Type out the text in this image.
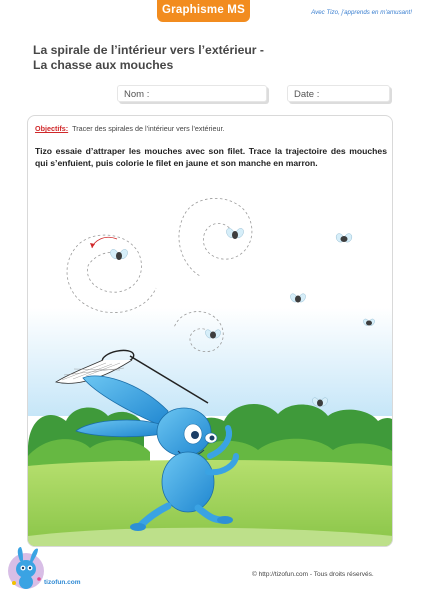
Graphisme MS	Avec Tizo, j'apprends en m'amusant!
La spirale de l’intérieur vers l’extérieur -
La chasse aux mouches
Nom :	Date :
Objectifs: Tracer des spirales de l’intérieur vers l’extérieur.
Tizo essaie d’attraper les mouches avec son filet. Trace la trajectoire des mouches qui s’enfuient, puis colorie le filet en jaune et son manche en marron.
tizofun.com
© http://tizofun.com - Tous droits réservés.
